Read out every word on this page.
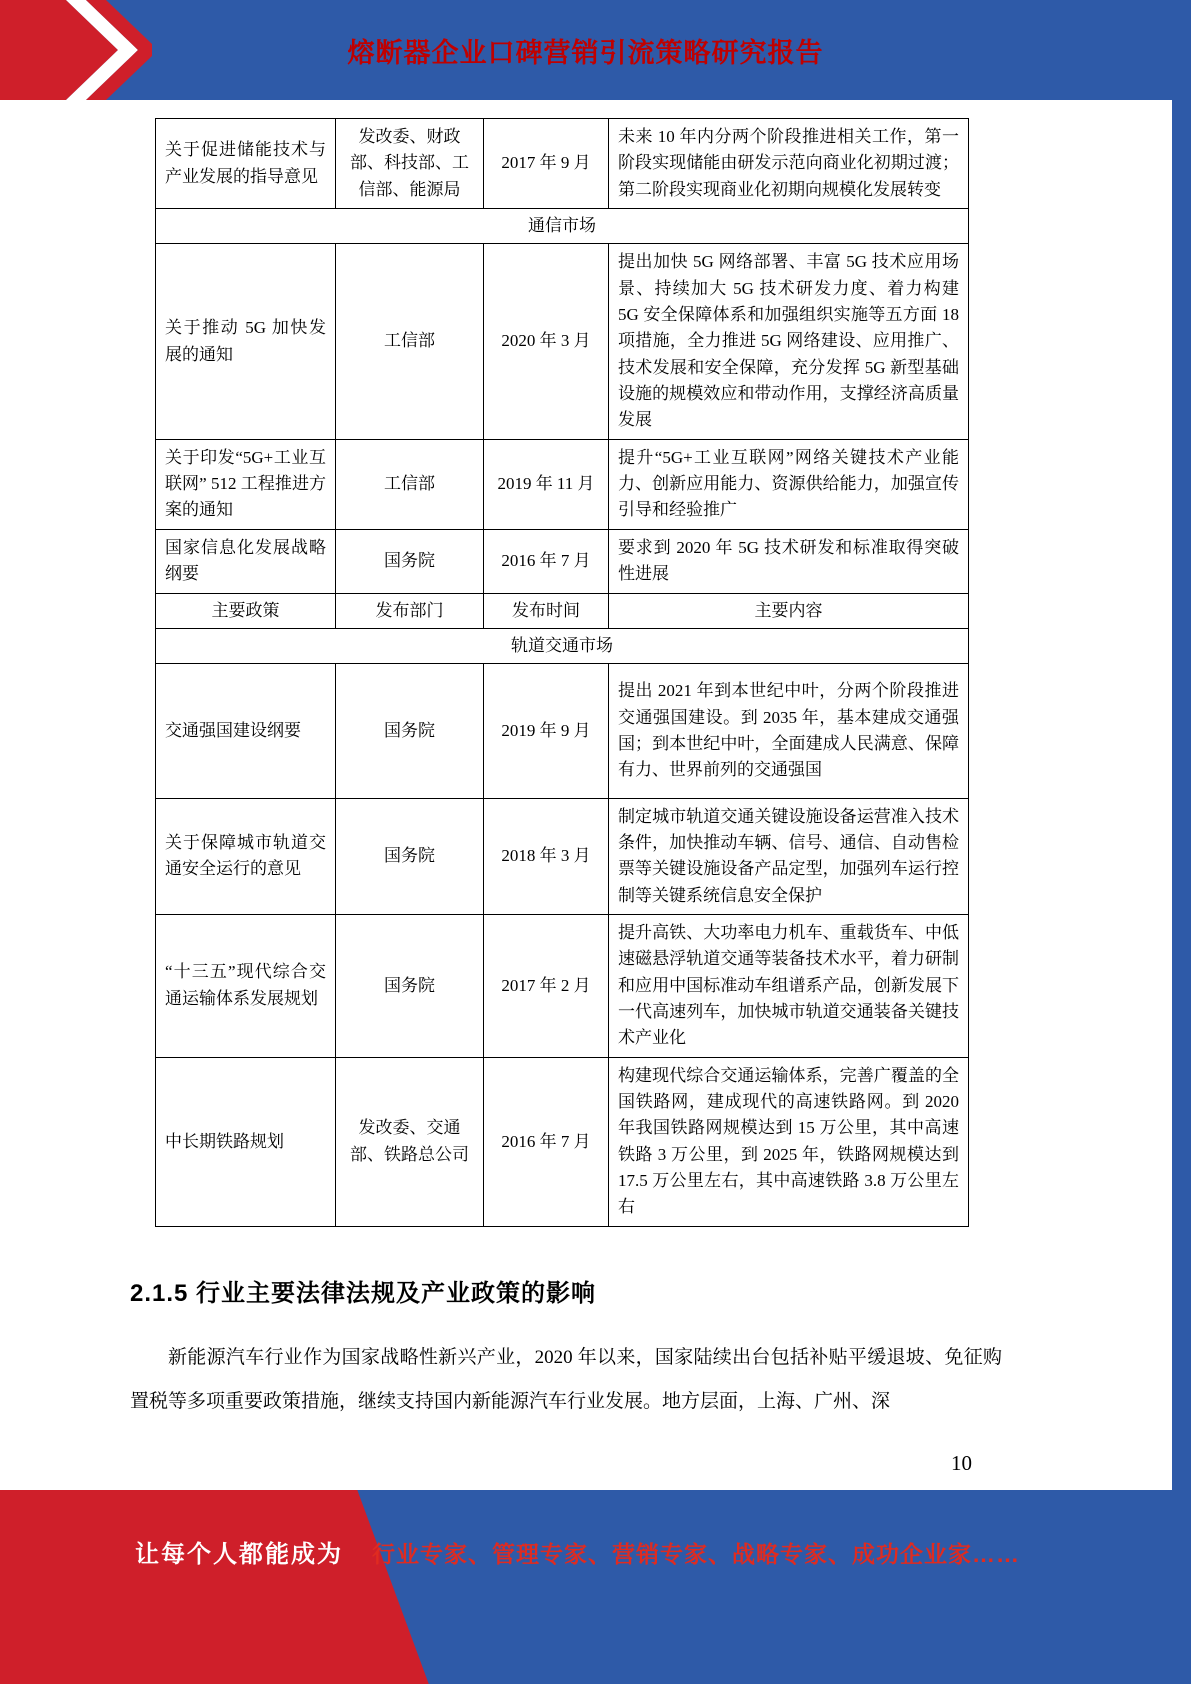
熔断器企业口碑营销引流策略研究报告
关于促进储能技术与产业发展的指导意见	发改委、财政部、科技部、工信部、能源局	2017 年 9 月	未来 10 年内分两个阶段推进相关工作，第一阶段实现储能由研发示范向商业化初期过渡；第二阶段实现商业化初期向规模化发展转变
通信市场			
关于推动 5G 加快发展的通知	工信部	2020 年 3 月	提出加快 5G 网络部署、丰富 5G 技术应用场景、持续加大 5G 技术研发力度、着力构建 5G 安全保障体系和加强组织实施等五方面 18 项措施，全力推进 5G 网络建设、应用推广、技术发展和安全保障，充分发挥 5G 新型基础设施的规模效应和带动作用，支撑经济高质量发展
关于印发“5G+工业互联网” 512 工程推进方案的通知	工信部	2019 年 11 月	提升“5G+工业互联网”网络关键技术产业能力、创新应用能力、资源供给能力，加强宣传引导和经验推广
国家信息化发展战略纲要	国务院	2016 年 7 月	要求到 2020 年 5G 技术研发和标准取得突破性进展
主要政策	发布部门	发布时间	主要内容
轨道交通市场			
交通强国建设纲要	国务院	2019 年 9 月	提出 2021 年到本世纪中叶，分两个阶段推进交通强国建设。到 2035 年，基本建成交通强国；到本世纪中叶，全面建成人民满意、保障有力、世界前列的交通强国
关于保障城市轨道交通安全运行的意见	国务院	2018 年 3 月	制定城市轨道交通关键设施设备运营准入技术条件，加快推动车辆、信号、通信、自动售检票等关键设施设备产品定型，加强列车运行控制等关键系统信息安全保护
“十三五”现代综合交通运输体系发展规划	国务院	2017 年 2 月	提升高铁、大功率电力机车、重载货车、中低速磁悬浮轨道交通等装备技术水平，着力研制和应用中国标准动车组谱系产品，创新发展下一代高速列车，加快城市轨道交通装备关键技术产业化
中长期铁路规划	发改委、交通部、铁路总公司	2016 年 7 月	构建现代综合交通运输体系，完善广覆盖的全国铁路网，建成现代的高速铁路网。到 2020 年我国铁路网规模达到 15 万公里，其中高速铁路 3 万公里，到 2025 年，铁路网规模达到 17.5 万公里左右，其中高速铁路 3.8 万公里左右
2.1.5 行业主要法律法规及产业政策的影响

新能源汽车行业作为国家战略性新兴产业，2020 年以来，国家陆续出台包括补贴平缓退坡、免征购置税等多项重要政策措施，继续支持国内新能源汽车行业发展。地方层面，上海、广州、深

10
让每个人都能成为 行业专家、管理专家、营销专家、战略专家、成功企业家……
